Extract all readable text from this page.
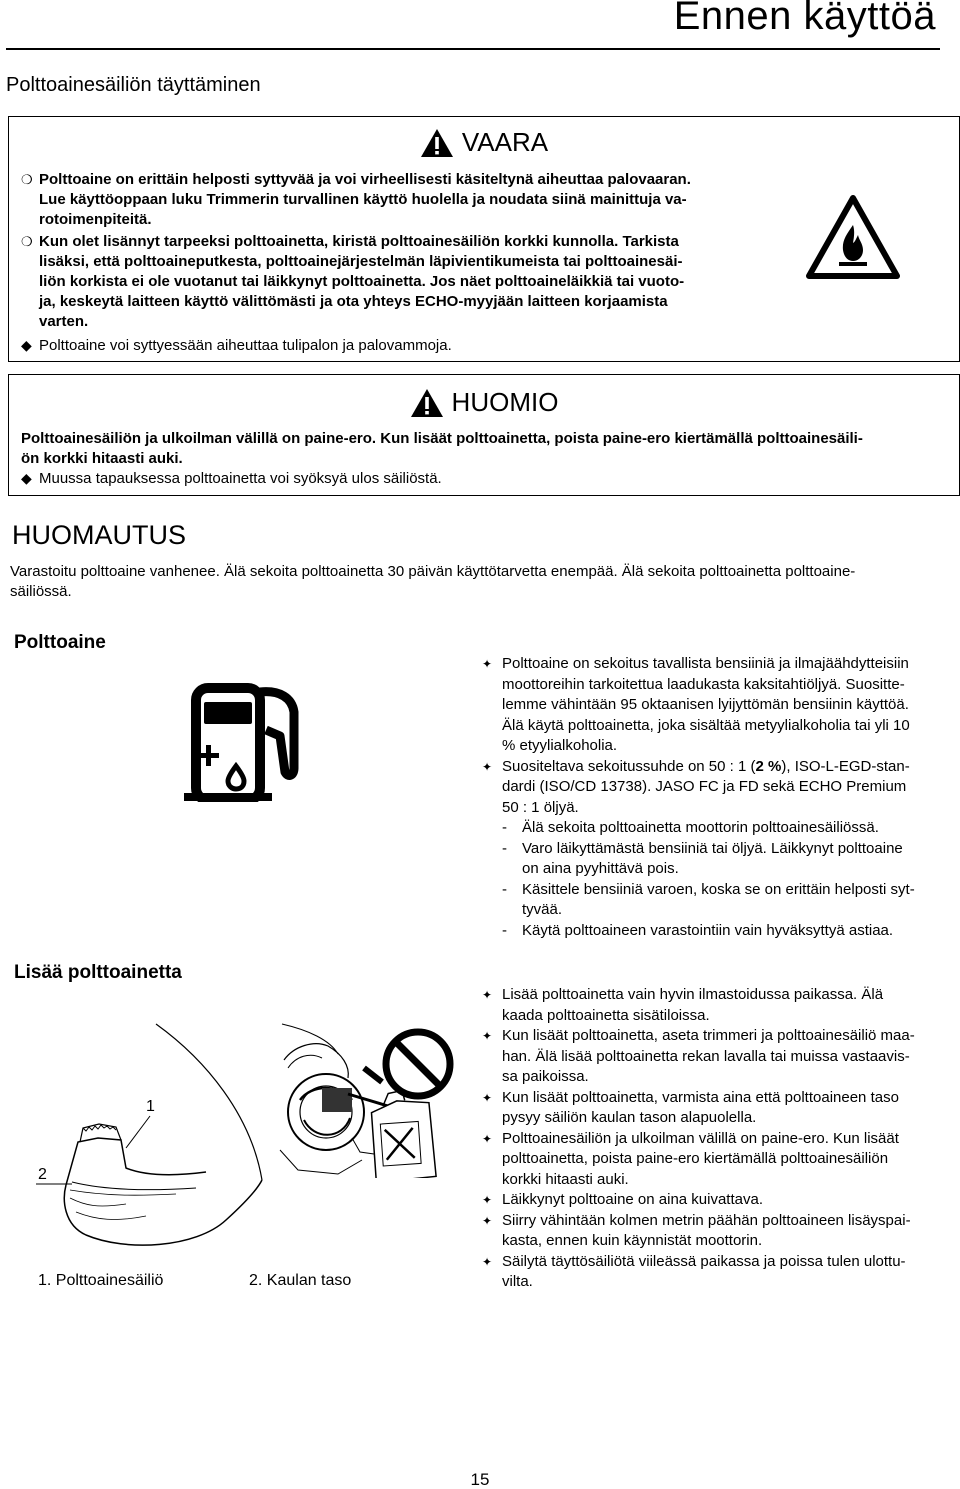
Ennen käyttöä
Polttoainesäiliön täyttäminen
VAARA
❍ Polttoaine on erittäin helposti syttyvää ja voi virheellisesti käsiteltynä aiheuttaa palovaaran.
Lue käyttöoppaan luku Trimmerin turvallinen käyttö huolella ja noudata siinä mainittuja va-
rotoimenpiteitä.
❍ Kun olet lisännyt tarpeeksi polttoainetta, kiristä polttoainesäiliön korkki kunnolla. Tarkista
lisäksi, että polttoaineputkesta, polttoainejärjestelmän läpivientikumeista tai polttoainesäi-
liön korkista ei ole vuotanut tai läikkynyt polttoainetta. Jos näet polttoaineläikkiä tai vuoto-
ja, keskeytä laitteen käyttö välittömästi ja ota yhteys ECHO-myyjään laitteen korjaamista
varten.
◆ Polttoaine voi syttyessään aiheuttaa tulipalon ja palovammoja.
HUOMIO
Polttoainesäiliön ja ulkoilman välillä on paine-ero. Kun lisäät polttoainetta, poista paine-ero kiertämällä polttoainesäili-
ön korkki hitaasti auki.
◆ Muussa tapauksessa polttoainetta voi syöksyä ulos säiliöstä.
HUOMAUTUS
Varastoitu polttoaine vanhenee. Älä sekoita polttoainetta 30 päivän käyttötarvetta enempää. Älä sekoita polttoainetta polttoaine-
säiliössä.
Polttoaine
✦ Polttoaine on sekoitus tavallista bensiiniä ja ilmajäähdytteisiin
moottoreihin tarkoitettua laadukasta kaksitahtiöljyä. Suositte-
lemme vähintään 95 oktaanisen lyijyttömän bensiinin käyttöä.
Älä käytä polttoainetta, joka sisältää metyylialkoholia tai yli 10
% etyylialkoholia.
✦ Suositeltava sekoitussuhde on 50 : 1 (2 %), ISO-L-EGD-stan-
dardi (ISO/CD 13738). JASO FC ja FD sekä ECHO Premium
50 : 1 öljyä.
- Älä sekoita polttoainetta moottorin polttoainesäiliössä.
- Varo läikyttämästä bensiiniä tai öljyä. Läikkynyt polttoaine
on aina pyyhittävä pois.
- Käsittele bensiiniä varoen, koska se on erittäin helposti syt-
tyvää.
- Käytä polttoaineen varastointiin vain hyväksyttyä astiaa.
Lisää polttoainetta
1
2
1. Polttoainesäiliö	2. Kaulan taso
✦ Lisää polttoainetta vain hyvin ilmastoidussa paikassa. Älä
kaada polttoainetta sisätiloissa.
✦ Kun lisäät polttoainetta, aseta trimmeri ja polttoainesäiliö maa-
han. Älä lisää polttoainetta rekan lavalla tai muissa vastaavis-
sa paikoissa.
✦ Kun lisäät polttoainetta, varmista aina että polttoaineen taso
pysyy säiliön kaulan tason alapuolella.
✦ Polttoainesäiliön ja ulkoilman välillä on paine-ero. Kun lisäät
polttoainetta, poista paine-ero kiertämällä polttoainesäiliön
korkki hitaasti auki.
✦ Läikkynyt polttoaine on aina kuivattava.
✦ Siirry vähintään kolmen metrin päähän polttoaineen lisäyspai-
kasta, ennen kuin käynnistät moottorin.
✦ Säilytä täyttösäiliötä viileässä paikassa ja poissa tulen ulottu-
vilta.
15
